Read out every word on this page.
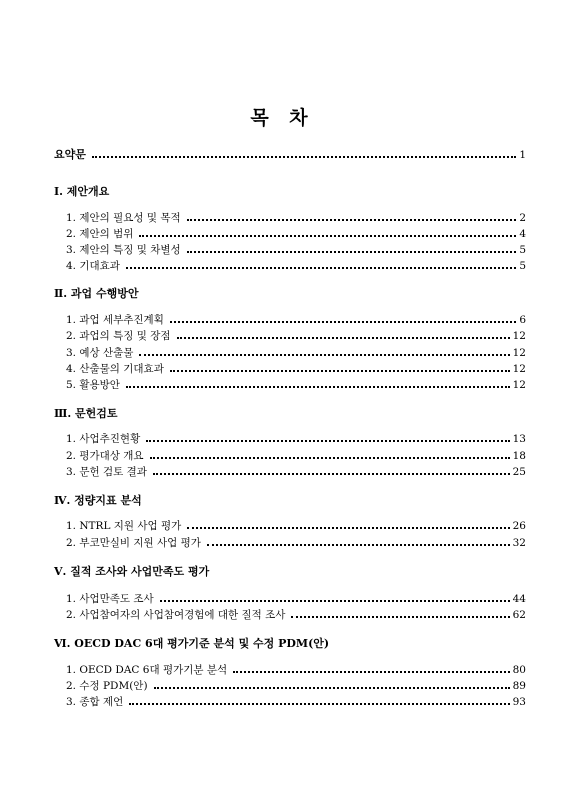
목 차
요약문	1
Ⅰ. 제안개요
1. 제안의 필요성 및 목적	2
2. 제안의 범위	4
3. 제안의 특징 및 차별성	5
4. 기대효과	5
Ⅱ. 과업 수행방안
1. 과업 세부추진계획	6
2. 과업의 특징 및 장점	12
3. 예상 산출물	12
4. 산출물의 기대효과	12
5. 활용방안	12
Ⅲ. 문헌검토
1. 사업추진현황	13
2. 평가대상 개요	18
3. 문헌 검토 결과	25
Ⅳ. 정량지표 분석
1. NTRL 지원 사업 평가	26
2. 부코만실비 지원 사업 평가	32
Ⅴ. 질적 조사와 사업만족도 평가
1. 사업만족도 조사	44
2. 사업참여자의 사업참여경험에 대한 질적 조사	62
Ⅵ. OECD DAC 6대 평가기준 분석 및 수정 PDM(안)
1. OECD DAC 6대 평가기분 분석	80
2. 수정 PDM(안)	89
3. 종합 제언	93
